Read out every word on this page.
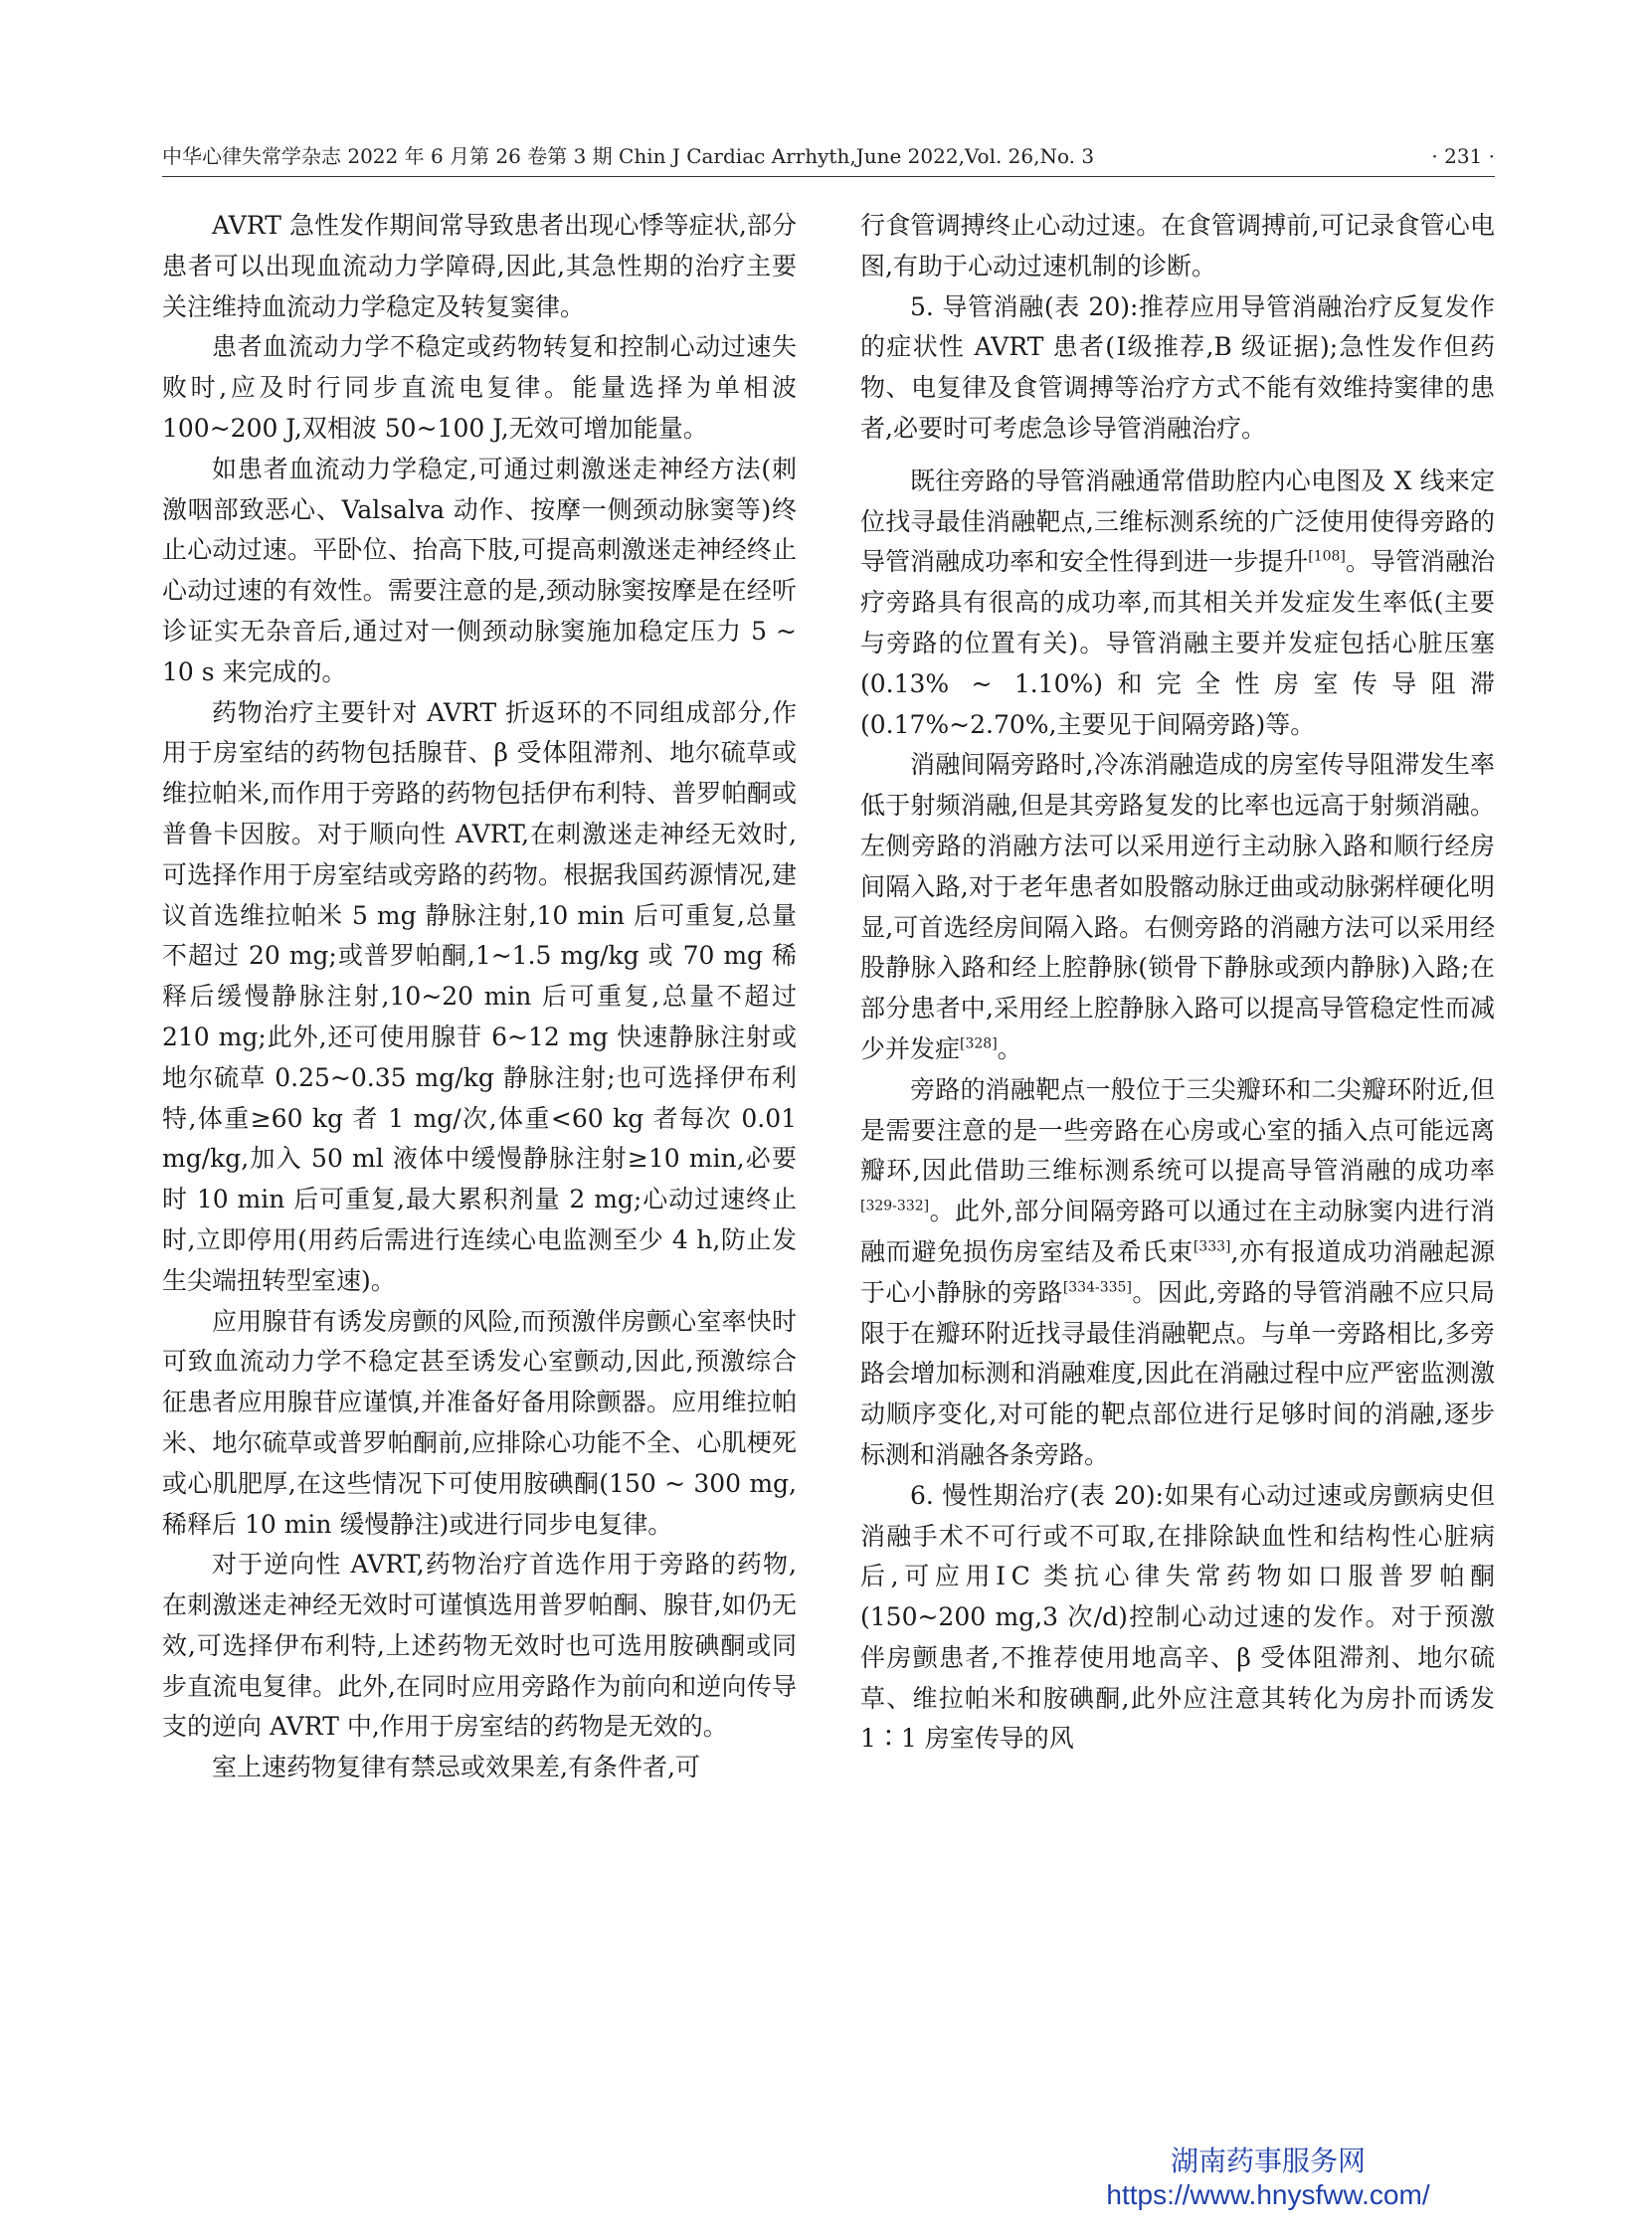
中华心律失常学杂志 2022 年 6 月第 26 卷第 3 期 Chin J Cardiac Arrhyth,June 2022,Vol. 26,No. 3	· 231 ·

AVRT 急性发作期间常导致患者出现心悸等症状,部分患者可以出现血流动力学障碍,因此,其急性期的治疗主要关注维持血流动力学稳定及转复窦律。

患者血流动力学不稳定或药物转复和控制心动过速失败时,应及时行同步直流电复律。能量选择为单相波 100~200 J,双相波 50~100 J,无效可增加能量。

如患者血流动力学稳定,可通过刺激迷走神经方法(刺激咽部致恶心、Valsalva 动作、按摩一侧颈动脉窦等)终止心动过速。平卧位、抬高下肢,可提高刺激迷走神经终止心动过速的有效性。需要注意的是,颈动脉窦按摩是在经听诊证实无杂音后,通过对一侧颈动脉窦施加稳定压力 5 ~ 10 s 来完成的。

药物治疗主要针对 AVRT 折返环的不同组成部分,作用于房室结的药物包括腺苷、β 受体阻滞剂、地尔硫草或维拉帕米,而作用于旁路的药物包括伊布利特、普罗帕酮或普鲁卡因胺。对于顺向性 AVRT,在刺激迷走神经无效时,可选择作用于房室结或旁路的药物。根据我国药源情况,建议首选维拉帕米 5 mg 静脉注射,10 min 后可重复,总量不超过 20 mg;或普罗帕酮,1~1.5 mg/kg 或 70 mg 稀释后缓慢静脉注射,10~20 min 后可重复,总量不超过 210 mg;此外,还可使用腺苷 6~12 mg 快速静脉注射或地尔硫草 0.25~0.35 mg/kg 静脉注射;也可选择伊布利特,体重≥60 kg 者 1 mg/次,体重<60 kg 者每次 0.01 mg/kg,加入 50 ml 液体中缓慢静脉注射≥10 min,必要时 10 min 后可重复,最大累积剂量 2 mg;心动过速终止时,立即停用(用药后需进行连续心电监测至少 4 h,防止发生尖端扭转型室速)。

应用腺苷有诱发房颤的风险,而预激伴房颤心室率快时可致血流动力学不稳定甚至诱发心室颤动,因此,预激综合征患者应用腺苷应谨慎,并准备好备用除颤器。应用维拉帕米、地尔硫草或普罗帕酮前,应排除心功能不全、心肌梗死或心肌肥厚,在这些情况下可使用胺碘酮(150 ~ 300 mg,稀释后 10 min 缓慢静注)或进行同步电复律。

对于逆向性 AVRT,药物治疗首选作用于旁路的药物,在刺激迷走神经无效时可谨慎选用普罗帕酮、腺苷,如仍无效,可选择伊布利特,上述药物无效时也可选用胺碘酮或同步直流电复律。此外,在同时应用旁路作为前向和逆向传导支的逆向 AVRT 中,作用于房室结的药物是无效的。

室上速药物复律有禁忌或效果差,有条件者,可

行食管调搏终止心动过速。在食管调搏前,可记录食管心电图,有助于心动过速机制的诊断。

5. 导管消融(表 20):推荐应用导管消融治疗反复发作的症状性 AVRT 患者(Ⅰ级推荐,B 级证据);急性发作但药物、电复律及食管调搏等治疗方式不能有效维持窦律的患者,必要时可考虑急诊导管消融治疗。

既往旁路的导管消融通常借助腔内心电图及 X 线来定位找寻最佳消融靶点,三维标测系统的广泛使用使得旁路的导管消融成功率和安全性得到进一步提升[108]。导管消融治疗旁路具有很高的成功率,而其相关并发症发生率低(主要与旁路的位置有关)。导管消融主要并发症包括心脏压塞(0.13% ~ 1.10%)和完全性房室传导阻滞(0.17%~2.70%,主要见于间隔旁路)等。

消融间隔旁路时,冷冻消融造成的房室传导阻滞发生率低于射频消融,但是其旁路复发的比率也远高于射频消融。左侧旁路的消融方法可以采用逆行主动脉入路和顺行经房间隔入路,对于老年患者如股髂动脉迂曲或动脉粥样硬化明显,可首选经房间隔入路。右侧旁路的消融方法可以采用经股静脉入路和经上腔静脉(锁骨下静脉或颈内静脉)入路;在部分患者中,采用经上腔静脉入路可以提高导管稳定性而减少并发症[328]。

旁路的消融靶点一般位于三尖瓣环和二尖瓣环附近,但是需要注意的是一些旁路在心房或心室的插入点可能远离瓣环,因此借助三维标测系统可以提高导管消融的成功率[329-332]。此外,部分间隔旁路可以通过在主动脉窦内进行消融而避免损伤房室结及希氏束[333],亦有报道成功消融起源于心小静脉的旁路[334-335]。因此,旁路的导管消融不应只局限于在瓣环附近找寻最佳消融靶点。与单一旁路相比,多旁路会增加标测和消融难度,因此在消融过程中应严密监测激动顺序变化,对可能的靶点部位进行足够时间的消融,逐步标测和消融各条旁路。

6. 慢性期治疗(表 20):如果有心动过速或房颤病史但消融手术不可行或不可取,在排除缺血性和结构性心脏病后,可应用ⅠC 类抗心律失常药物如口服普罗帕酮(150~200 mg,3 次/d)控制心动过速的发作。对于预激伴房颤患者,不推荐使用地高辛、β 受体阻滞剂、地尔硫草、维拉帕米和胺碘酮,此外应注意其转化为房扑而诱发 1∶1 房室传导的风

湖南药事服务网
https://www.hnysfww.com/
